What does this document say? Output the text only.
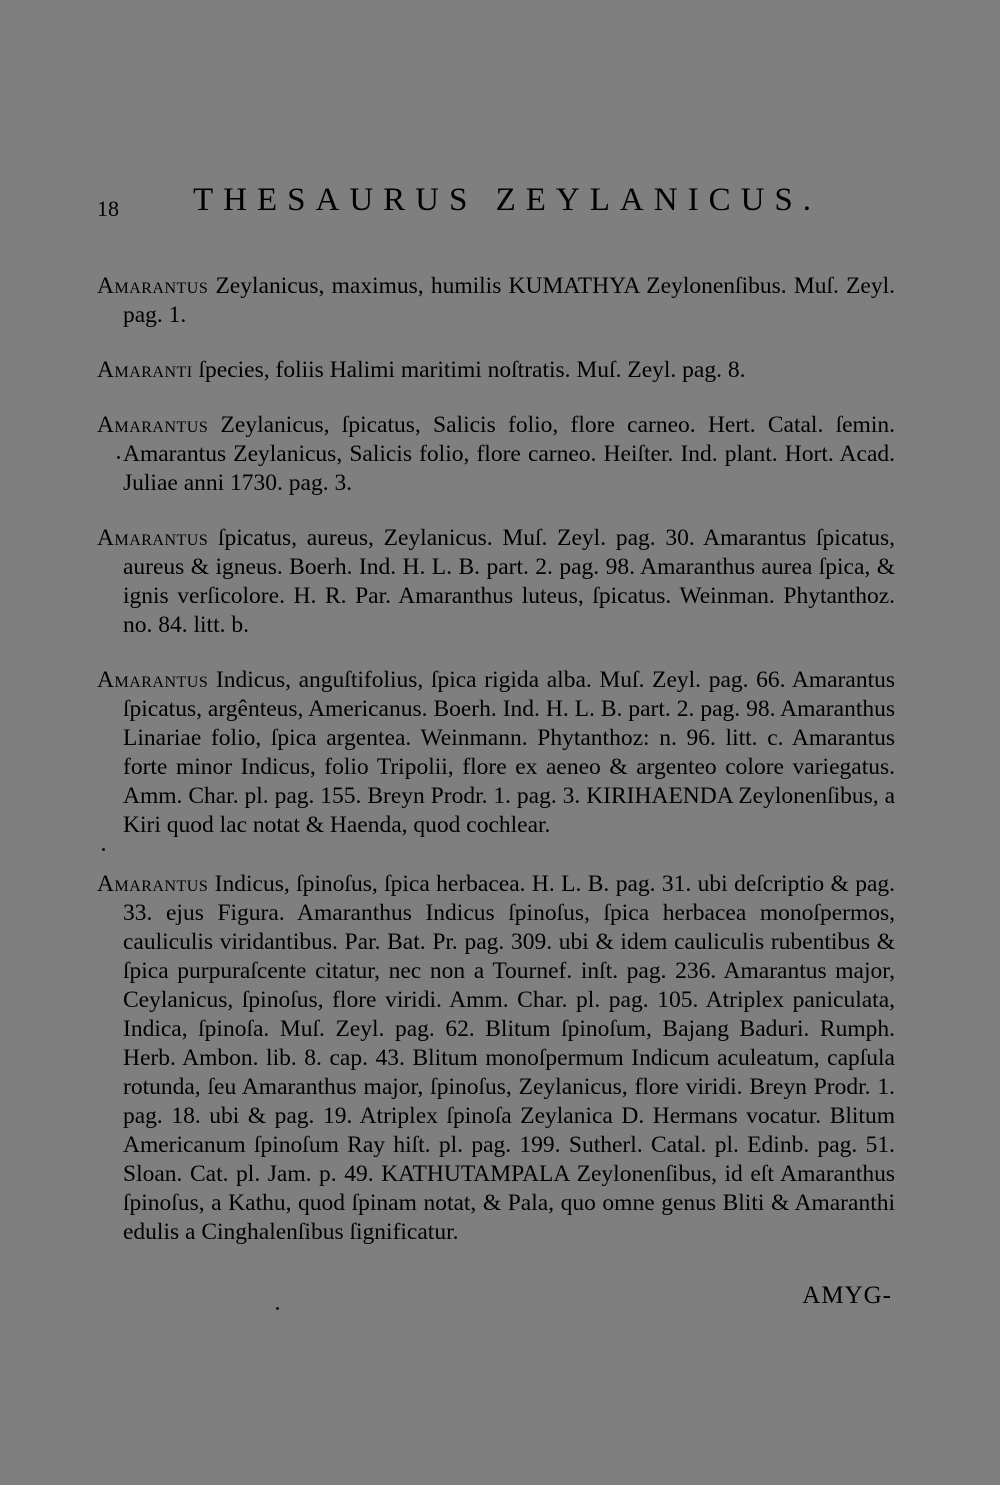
18 THESAURUS ZEYLANICUS.

Amarantus Zeylanicus, maximus, humilis KUMATHYA Zeylonenſibus. Muſ. Zeyl. pag. 1.

Amaranti ſpecies, foliis Halimi maritimi noſtratis. Muſ. Zeyl. pag. 8.

Amarantus Zeylanicus, ſpicatus, Salicis folio, flore carneo. Hert. Catal. ſemin. Amarantus Zeylanicus, Salicis folio, flore carneo. Heiſter. Ind. plant. Hort. Acad. Juliae anni 1730. pag. 3.

Amarantus ſpicatus, aureus, Zeylanicus. Muſ. Zeyl. pag. 30. Amarantus ſpicatus, aureus & igneus. Boerh. Ind. H. L. B. part. 2. pag. 98. Amaranthus aurea ſpica, & ignis verſicolore. H. R. Par. Amaranthus luteus, ſpicatus. Weinman. Phytanthoz. no. 84. litt. b.

Amarantus Indicus, anguſtifolius, ſpica rigida alba. Muſ. Zeyl. pag. 66. Amarantus ſpicatus, argênteus, Americanus. Boerh. Ind. H. L. B. part. 2. pag. 98. Amaranthus Linariae folio, ſpica argentea. Weinmann. Phytanthoz: n. 96. litt. c. Amarantus forte minor Indicus, folio Tripolii, flore ex aeneo & argenteo colore variegatus. Amm. Char. pl. pag. 155. Breyn Prodr. 1. pag. 3. KIRIHAENDA Zeylonenſibus, a Kiri quod lac notat & Haenda, quod cochlear.

Amarantus Indicus, ſpinoſus, ſpica herbacea. H. L. B. pag. 31. ubi deſcriptio & pag. 33. ejus Figura. Amaranthus Indicus ſpinoſus, ſpica herbacea monoſpermos, cauliculis viridantibus. Par. Bat. Pr. pag. 309. ubi & idem cauliculis rubentibus & ſpica purpuraſcente citatur, nec non a Tournef. inſt. pag. 236. Amarantus major, Ceylanicus, ſpinoſus, flore viridi. Amm. Char. pl. pag. 105. Atriplex paniculata, Indica, ſpinoſa. Muſ. Zeyl. pag. 62. Blitum ſpinoſum, Bajang Baduri. Rumph. Herb. Ambon. lib. 8. cap. 43. Blitum monoſpermum Indicum aculeatum, capſula rotunda, ſeu Amaranthus major, ſpinoſus, Zeylanicus, flore viridi. Breyn Prodr. 1. pag. 18. ubi & pag. 19. Atriplex ſpinoſa Zeylanica D. Hermans vocatur. Blitum Americanum ſpinoſum Ray hiſt. pl. pag. 199. Sutherl. Catal. pl. Edinb. pag. 51. Sloan. Cat. pl. Jam. p. 49. KATHUTAMPALA Zeylonenſibus, id eſt Amaranthus ſpinoſus, a Kathu, quod ſpinam notat, & Pala, quo omne genus Bliti & Amaranthi edulis a Cinghalenſibus ſignificatur.

AMYG-
